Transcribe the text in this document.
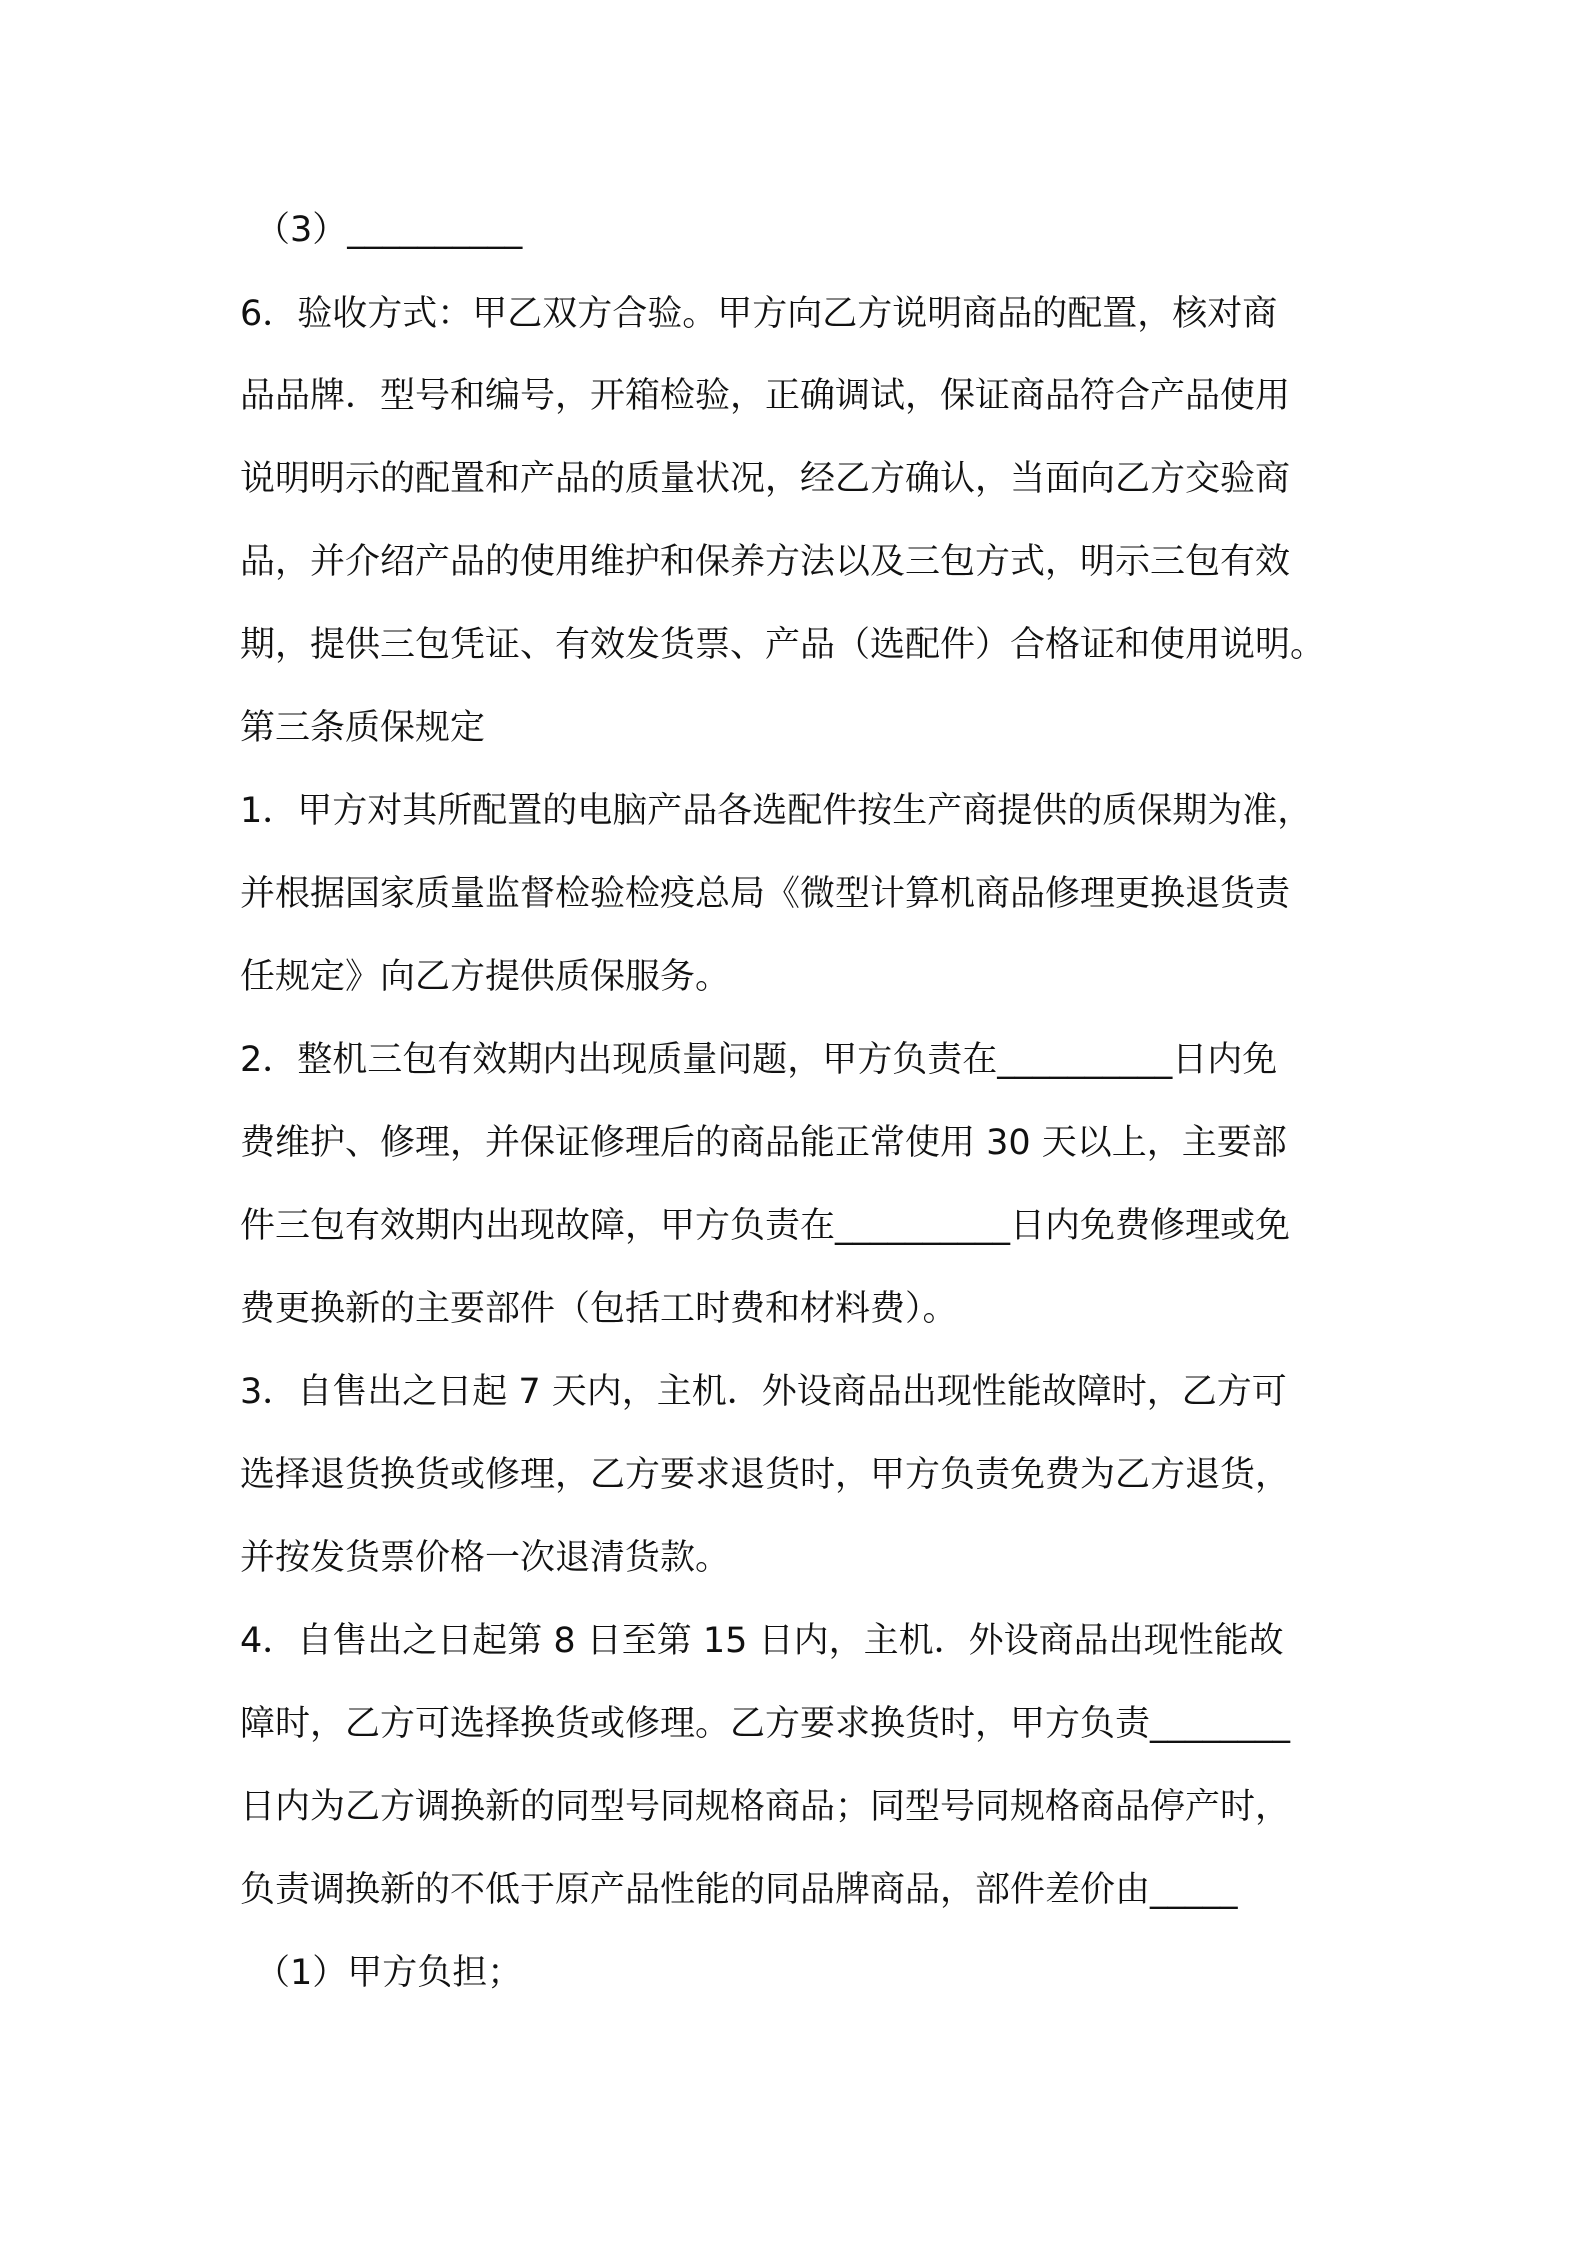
（3）__________
6．验收方式：甲乙双方合验。甲方向乙方说明商品的配置，核对商
品品牌．型号和编号，开箱检验，正确调试，保证商品符合产品使用
说明明示的配置和产品的质量状况，经乙方确认，当面向乙方交验商
品，并介绍产品的使用维护和保养方法以及三包方式，明示三包有效
期，提供三包凭证、有效发货票、产品（选配件）合格证和使用说明。
第三条质保规定
1．甲方对其所配置的电脑产品各选配件按生产商提供的质保期为准，
并根据国家质量监督检验检疫总局《微型计算机商品修理更换退货责
任规定》向乙方提供质保服务。
2．整机三包有效期内出现质量问题，甲方负责在__________日内免
费维护、修理，并保证修理后的商品能正常使用 30 天以上，主要部
件三包有效期内出现故障，甲方负责在__________日内免费修理或免
费更换新的主要部件（包括工时费和材料费）。
3．自售出之日起 7 天内，主机．外设商品出现性能故障时，乙方可
选择退货换货或修理，乙方要求退货时，甲方负责免费为乙方退货，
并按发货票价格一次退清货款。
4．自售出之日起第 8 日至第 15 日内，主机．外设商品出现性能故
障时，乙方可选择换货或修理。乙方要求换货时，甲方负责________
日内为乙方调换新的同型号同规格商品；同型号同规格商品停产时，
负责调换新的不低于原产品性能的同品牌商品，部件差价由_____
（1）甲方负担；
